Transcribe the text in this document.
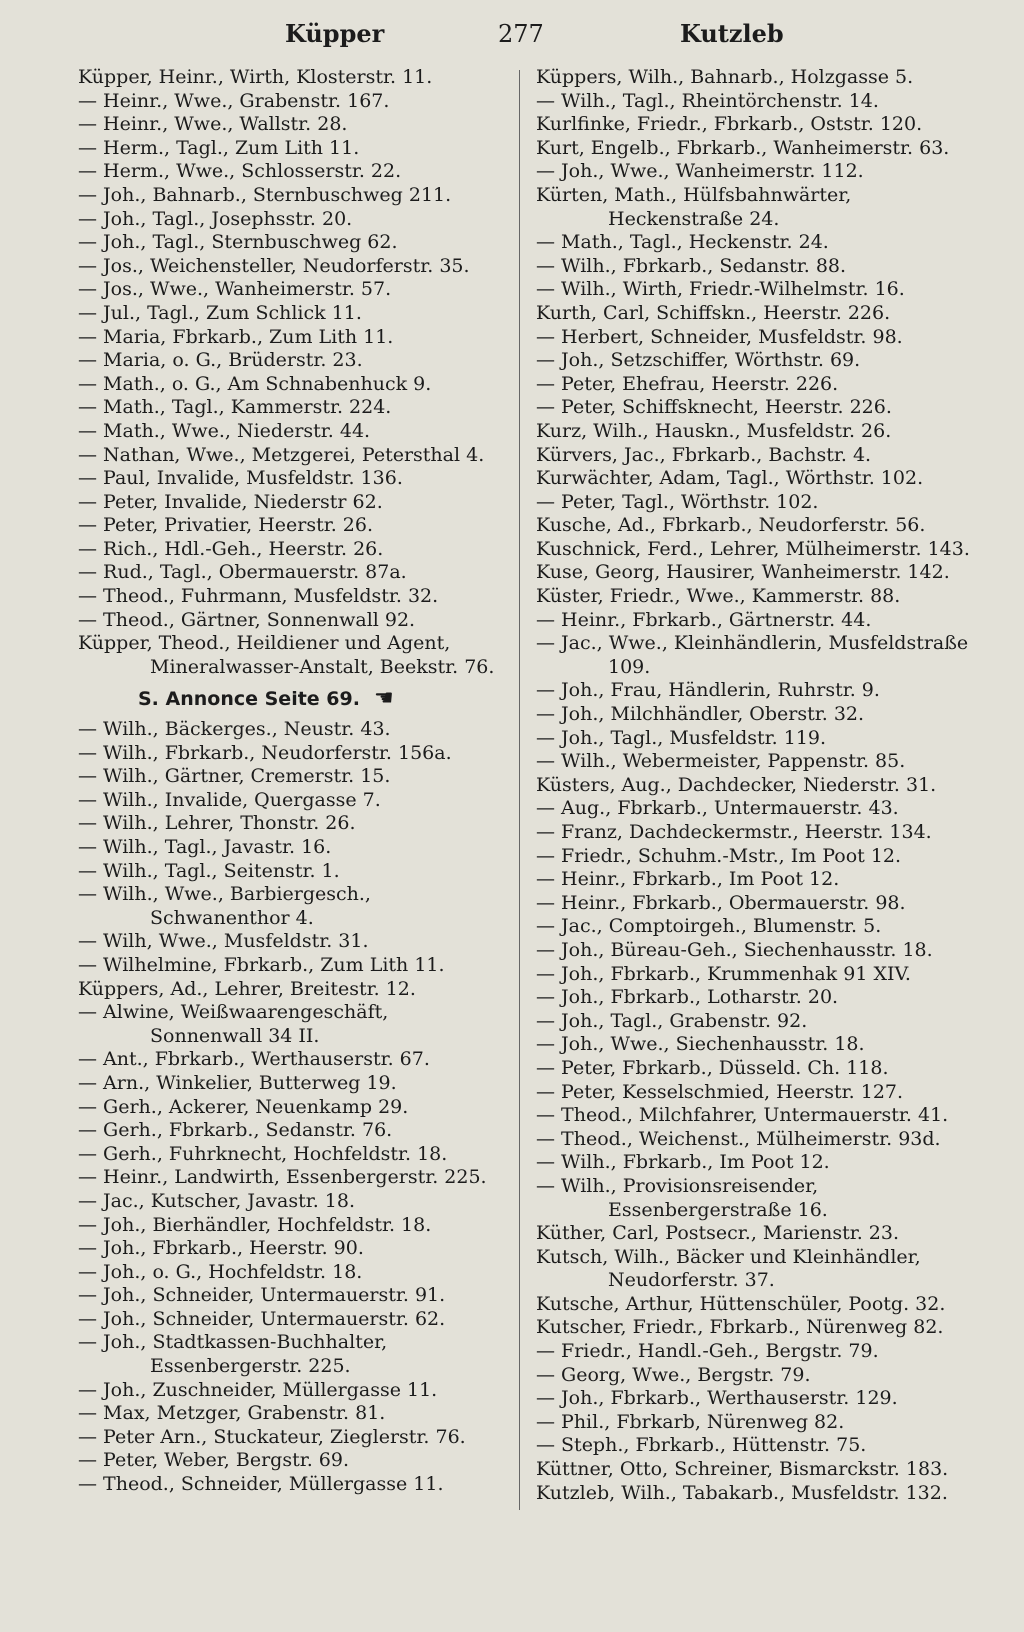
Küpper	277	Kutzleb
Küpper, Heinr., Wirth, Klosterstr. 11.
— Heinr., Wwe., Grabenstr. 167.
— Heinr., Wwe., Wallstr. 28.
— Herm., Tagl., Zum Lith 11.
— Herm., Wwe., Schlosserstr. 22.
— Joh., Bahnarb., Sternbuschweg 211.
— Joh., Tagl., Josephsstr. 20.
— Joh., Tagl., Sternbuschweg 62.
— Jos., Weichensteller, Neudorferstr. 35.
— Jos., Wwe., Wanheimerstr. 57.
— Jul., Tagl., Zum Schlick 11.
— Maria, Fbrkarb., Zum Lith 11.
— Maria, o. G., Brüderstr. 23.
— Math., o. G., Am Schnabenhuck 9.
— Math., Tagl., Kammerstr. 224.
— Math., Wwe., Niederstr. 44.
— Nathan, Wwe., Metzgerei, Petersthal 4.
— Paul, Invalide, Musfeldstr. 136.
— Peter, Invalide, Niederstr 62.
— Peter, Privatier, Heerstr. 26.
— Rich., Hdl.-Geh., Heerstr. 26.
— Rud., Tagl., Obermauerstr. 87a.
— Theod., Fuhrmann, Musfeldstr. 32.
— Theod., Gärtner, Sonnenwall 92.
Küpper, Theod., Heildiener und Agent, Mineralwasser-Anstalt, Beekstr. 76.
S. Annonce Seite 69. ☚
— Wilh., Bäckerges., Neustr. 43.
— Wilh., Fbrkarb., Neudorferstr. 156a.
— Wilh., Gärtner, Cremerstr. 15.
— Wilh., Invalide, Quergasse 7.
— Wilh., Lehrer, Thonstr. 26.
— Wilh., Tagl., Javastr. 16.
— Wilh., Tagl., Seitenstr. 1.
— Wilh., Wwe., Barbiergesch., Schwanenthor 4.
— Wilh, Wwe., Musfeldstr. 31.
— Wilhelmine, Fbrkarb., Zum Lith 11.
Küppers, Ad., Lehrer, Breitestr. 12.
— Alwine, Weißwaarengeschäft, Sonnenwall 34 II.
— Ant., Fbrkarb., Werthauserstr. 67.
— Arn., Winkelier, Butterweg 19.
— Gerh., Ackerer, Neuenkamp 29.
— Gerh., Fbrkarb., Sedanstr. 76.
— Gerh., Fuhrknecht, Hochfeldstr. 18.
— Heinr., Landwirth, Essenbergerstr. 225.
— Jac., Kutscher, Javastr. 18.
— Joh., Bierhändler, Hochfeldstr. 18.
— Joh., Fbrkarb., Heerstr. 90.
— Joh., o. G., Hochfeldstr. 18.
— Joh., Schneider, Untermauerstr. 91.
— Joh., Schneider, Untermauerstr. 62.
— Joh., Stadtkassen-Buchhalter, Essenbergerstr. 225.
— Joh., Zuschneider, Müllergasse 11.
— Max, Metzger, Grabenstr. 81.
— Peter Arn., Stuckateur, Zieglerstr. 76.
— Peter, Weber, Bergstr. 69.
— Theod., Schneider, Müllergasse 11.
Küppers, Wilh., Bahnarb., Holzgasse 5.
— Wilh., Tagl., Rheintörchenstr. 14.
Kurlfinke, Friedr., Fbrkarb., Oststr. 120.
Kurt, Engelb., Fbrkarb., Wanheimerstr. 63.
— Joh., Wwe., Wanheimerstr. 112.
Kürten, Math., Hülfsbahnwärter, Heckenstraße 24.
— Math., Tagl., Heckenstr. 24.
— Wilh., Fbrkarb., Sedanstr. 88.
— Wilh., Wirth, Friedr.-Wilhelmstr. 16.
Kurth, Carl, Schiffskn., Heerstr. 226.
— Herbert, Schneider, Musfeldstr. 98.
— Joh., Setzschiffer, Wörthstr. 69.
— Peter, Ehefrau, Heerstr. 226.
— Peter, Schiffsknecht, Heerstr. 226.
Kurz, Wilh., Hauskn., Musfeldstr. 26.
Kürvers, Jac., Fbrkarb., Bachstr. 4.
Kurwächter, Adam, Tagl., Wörthstr. 102.
— Peter, Tagl., Wörthstr. 102.
Kusche, Ad., Fbrkarb., Neudorferstr. 56.
Kuschnick, Ferd., Lehrer, Mülheimerstr. 143.
Kuse, Georg, Hausirer, Wanheimerstr. 142.
Küster, Friedr., Wwe., Kammerstr. 88.
— Heinr., Fbrkarb., Gärtnerstr. 44.
— Jac., Wwe., Kleinhändlerin, Musfeldstraße 109.
— Joh., Frau, Händlerin, Ruhrstr. 9.
— Joh., Milchhändler, Oberstr. 32.
— Joh., Tagl., Musfeldstr. 119.
— Wilh., Webermeister, Pappenstr. 85.
Küsters, Aug., Dachdecker, Niederstr. 31.
— Aug., Fbrkarb., Untermauerstr. 43.
— Franz, Dachdeckermstr., Heerstr. 134.
— Friedr., Schuhm.-Mstr., Im Poot 12.
— Heinr., Fbrkarb., Im Poot 12.
— Heinr., Fbrkarb., Obermauerstr. 98.
— Jac., Comptoirgeh., Blumenstr. 5.
— Joh., Büreau-Geh., Siechenhausstr. 18.
— Joh., Fbrkarb., Krummenhak 91 XIV.
— Joh., Fbrkarb., Lotharstr. 20.
— Joh., Tagl., Grabenstr. 92.
— Joh., Wwe., Siechenhausstr. 18.
— Peter, Fbrkarb., Düsseld. Ch. 118.
— Peter, Kesselschmied, Heerstr. 127.
— Theod., Milchfahrer, Untermauerstr. 41.
— Theod., Weichenst., Mülheimerstr. 93d.
— Wilh., Fbrkarb., Im Poot 12.
— Wilh., Provisionsreisender, Essenbergerstraße 16.
Küther, Carl, Postsecr., Marienstr. 23.
Kutsch, Wilh., Bäcker und Kleinhändler, Neudorferstr. 37.
Kutsche, Arthur, Hüttenschüler, Pootg. 32.
Kutscher, Friedr., Fbrkarb., Nürenweg 82.
— Friedr., Handl.-Geh., Bergstr. 79.
— Georg, Wwe., Bergstr. 79.
— Joh., Fbrkarb., Werthauserstr. 129.
— Phil., Fbrkarb, Nürenweg 82.
— Steph., Fbrkarb., Hüttenstr. 75.
Küttner, Otto, Schreiner, Bismarckstr. 183.
Kutzleb, Wilh., Tabakarb., Musfeldstr. 132.
